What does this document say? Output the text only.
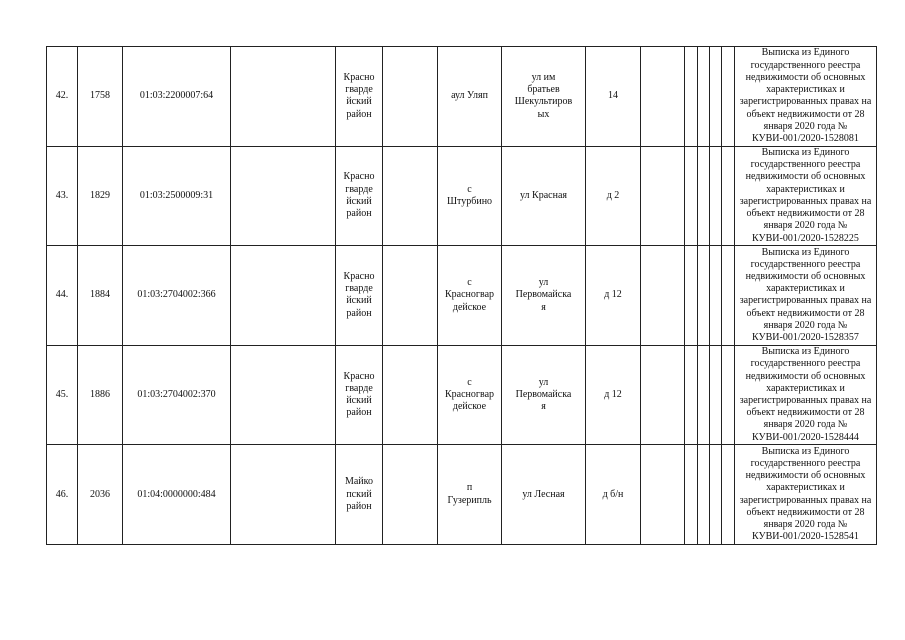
42.	1758	01:03:2200007:64		Красно
гварде
йский
район		аул Уляп	ул им
братьев
Шекультиров
ых	14						Выписка из Единого государственного реестра недвижимости об основных характеристиках и зарегистрированных правах на объект недвижимости от 28 января 2020 года № КУВИ-001/2020-1528081
43.	1829	01:03:2500009:31		Красно
гварде
йский
район		с
Штурбино	ул Красная	д 2						Выписка из Единого государственного реестра недвижимости об основных характеристиках и зарегистрированных правах на объект недвижимости от 28 января 2020 года № КУВИ-001/2020-1528225
44.	1884	01:03:2704002:366		Красно
гварде
йский
район		с
Красногвар
дейское	ул
Первомайска
я	д 12						Выписка из Единого государственного реестра недвижимости об основных характеристиках и зарегистрированных правах на объект недвижимости от 28 января 2020 года № КУВИ-001/2020-1528357
45.	1886	01:03:2704002:370		Красно
гварде
йский
район		с
Красногвар
дейское	ул
Первомайска
я	д 12						Выписка из Единого государственного реестра недвижимости об основных характеристиках и зарегистрированных правах на объект недвижимости от 28 января 2020 года № КУВИ-001/2020-1528444
46.	2036	01:04:0000000:484		Майко
пский
район		п
Гузерипль	ул Лесная	д б/н						Выписка из Единого государственного реестра недвижимости об основных характеристиках и зарегистрированных правах на объект недвижимости от 28 января 2020 года № КУВИ-001/2020-1528541
